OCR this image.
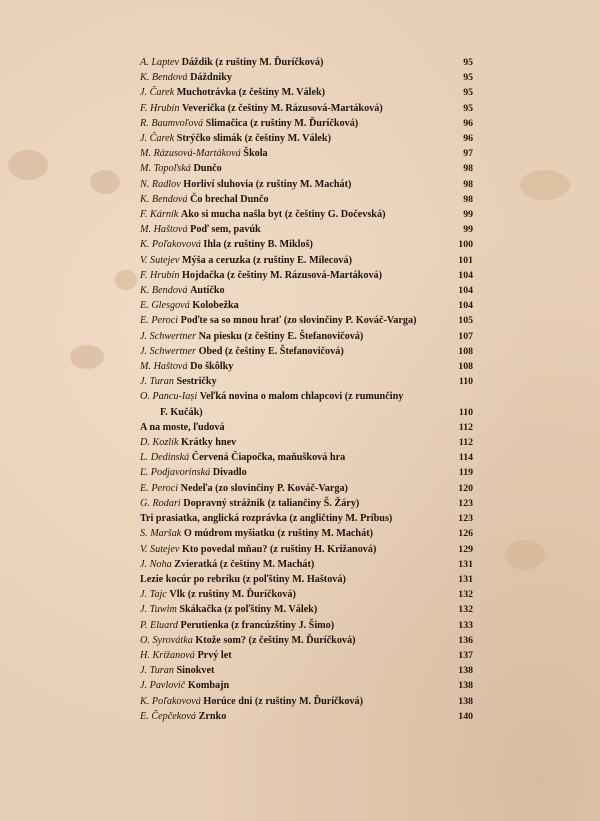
A. Laptev Dáždik (z ruštiny M. Ďuríčková)	95
K. Bendová Dáždniky	95
J. Čarek Muchotrávka (z češtiny M. Válek)	95
F. Hrubín Veverička (z češtiny M. Rázusová-Martáková)	95
R. Baumvoľová Slimačica (z ruštiny M. Ďuríčková)	96
J. Čarek Strýčko slimák (z češtiny M. Válek)	96
M. Rázusová-Martáková Škola	97
M. Topoľská Dunčo	98
N. Radlov Horliví sluhovia (z ruštiny M. Machát)	98
K. Bendová Čo brechal Dunčo	98
F. Kárník Ako si mucha našla byt (z češtiny G. Dočevská)	99
M. Haštová Poď sem, pavúk	99
K. Poľakovová Ihla (z ruštiny B. Mikloš)	100
V. Sutejev Mýša a ceruzka (z ruštiny E. Milecová)	101
F. Hrubín Hojdačka (z češtiny M. Rázusová-Martáková)	104
K. Bendová Autíčko	104
E. Glesgová Kolobežka	104
E. Peroci Poďte sa so mnou hrať (zo slovinčiny P. Kováč-Varga)	105
J. Schwertner Na piesku (z češtiny E. Štefanovičová)	107
J. Schwertner Obed (z češtiny E. Štefanovičová)	108
M. Haštová Do škôlky	108
J. Turan Sestričky	110
O. Pancu-Iași Veľká novina o malom chlapcovi (z rumunčiny
F. Kučák)	110
A na moste, ľudová	112
D. Kozlík Krátky hnev	112
L. Dedinská Červená Čiapočka, maňušková hra	114
Ľ. Podjavorinská Divadlo	119
E. Peroci Nedeľa (zo slovinčiny P. Kováč-Varga)	120
G. Rodari Dopravný strážnik (z taliančiny Š. Žáry)	123
Tri prasiatka, anglická rozprávka (z angličtiny M. Príbus)	123
S. Maršak O múdrom myšiatku (z ruštiny M. Machát)	126
V. Sutejev Kto povedal mňau? (z ruštiny H. Križanová)	129
J. Noha Zvieratká (z češtiny M. Machát)	131
Lezie kocúr po rebríku (z poľštiny M. Haštová)	131
J. Tajc Vlk (z ruštiny M. Ďuríčková)	132
J. Tuwim Skákačka (z poľštiny M. Válek)	132
P. Eluard Perutienka (z francúzštiny J. Šimo)	133
O. Syrovátka Ktože som? (z češtiny M. Ďuríčková)	136
H. Križanová Prvý let	137
J. Turan Sinokvet	138
J. Pavlovič Kombajn	138
K. Poľakovová Horúce dni (z ruštiny M. Ďuríčková)	138
E. Čepčeková Zrnko	140
